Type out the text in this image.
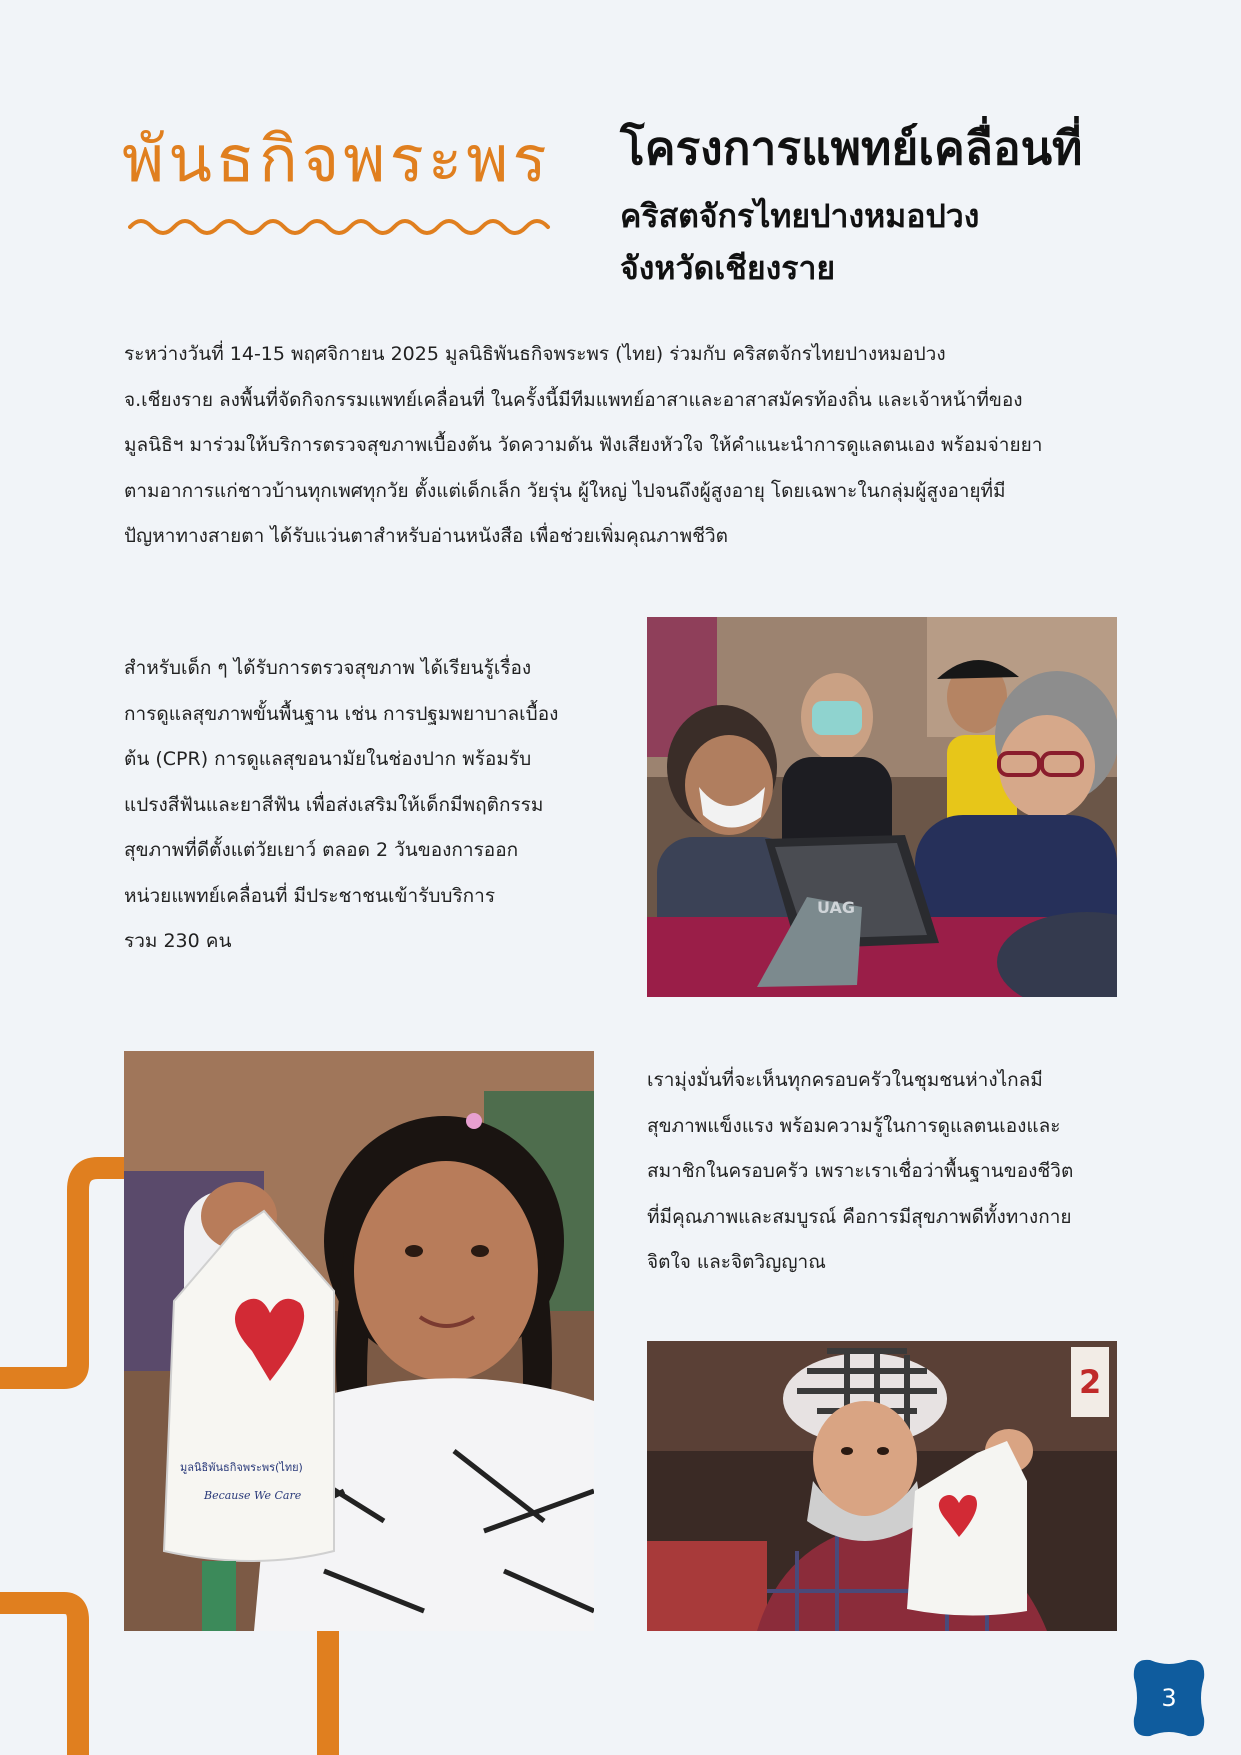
พันธกิจพระพร โครงการแพทย์เคลื่อนที่
คริสตจักรไทยปางหมอปวง
จังหวัดเชียงราย
ระหว่างวันที่ 14-15 พฤศจิกายน 2025 มูลนิธิพันธกิจพระพร (ไทย) ร่วมกับ คริสตจักรไทยปางหมอปวง
จ.เชียงราย ลงพื้นที่จัดกิจกรรมแพทย์เคลื่อนที่ ในครั้งนี้มีทีมแพทย์อาสาและอาสาสมัครท้องถิ่น และเจ้าหน้าที่ของ
มูลนิธิฯ มาร่วมให้บริการตรวจสุขภาพเบื้องต้น วัดความดัน ฟังเสียงหัวใจ ให้คำแนะนำการดูแลตนเอง พร้อมจ่ายยา
ตามอาการแก่ชาวบ้านทุกเพศทุกวัย ตั้งแต่เด็กเล็ก วัยรุ่น ผู้ใหญ่ ไปจนถึงผู้สูงอายุ โดยเฉพาะในกลุ่มผู้สูงอายุที่มี
ปัญหาทางสายตา ได้รับแว่นตาสำหรับอ่านหนังสือ เพื่อช่วยเพิ่มคุณภาพชีวิต
สำหรับเด็ก ๆ ได้รับการตรวจสุขภาพ ได้เรียนรู้เรื่อง
การดูแลสุขภาพขั้นพื้นฐาน เช่น การปฐมพยาบาลเบื้อง
ต้น (CPR) การดูแลสุขอนามัยในช่องปาก พร้อมรับ
แปรงสีฟันและยาสีฟัน เพื่อส่งเสริมให้เด็กมีพฤติกรรม
สุขภาพที่ดีตั้งแต่วัยเยาว์ ตลอด 2 วันของการออก
หน่วยแพทย์เคลื่อนที่ มีประชาชนเข้ารับบริการ
รวม 230 คน
UAG
มูลนิธิพันธกิจพระพร(ไทย)
Because We Care
เรามุ่งมั่นที่จะเห็นทุกครอบครัวในชุมชนห่างไกลมี
สุขภาพแข็งแรง พร้อมความรู้ในการดูแลตนเองและ
สมาชิกในครอบครัว เพราะเราเชื่อว่าพื้นฐานของชีวิต
ที่มีคุณภาพและสมบูรณ์ คือการมีสุขภาพดีทั้งทางกาย
จิตใจ และจิตวิญญาณ
2
3
